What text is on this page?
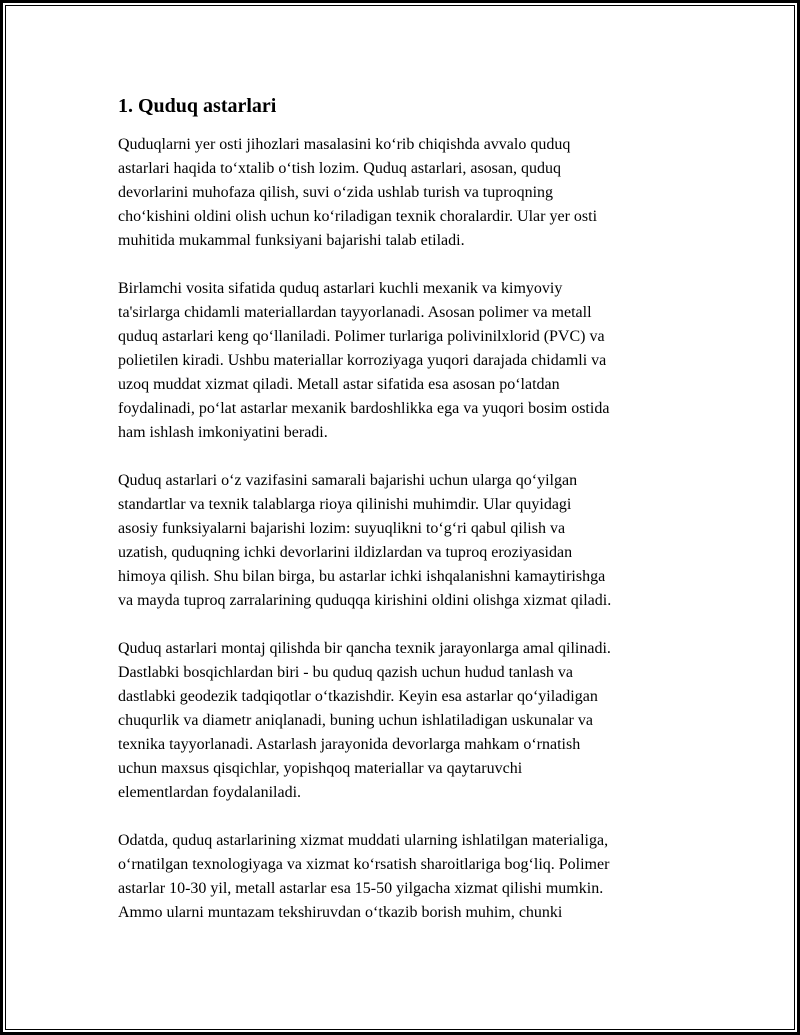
1. Quduq astarlari

Quduqlarni yer osti jihozlari masalasini ko‘rib chiqishda avvalo quduq
astarlari haqida to‘xtalib o‘tish lozim. Quduq astarlari, asosan, quduq
devorlarini muhofaza qilish, suvi o‘zida ushlab turish va tuproqning
cho‘kishini oldini olish uchun ko‘riladigan texnik choralardir. Ular yer osti
muhitida mukammal funksiyani bajarishi talab etiladi.

Birlamchi vosita sifatida quduq astarlari kuchli mexanik va kimyoviy
ta'sirlarga chidamli materiallardan tayyorlanadi. Asosan polimer va metall
quduq astarlari keng qo‘llaniladi. Polimer turlariga polivinilxlorid (PVC) va
polietilen kiradi. Ushbu materiallar korroziyaga yuqori darajada chidamli va
uzoq muddat xizmat qiladi. Metall astar sifatida esa asosan po‘latdan
foydalinadi, po‘lat astarlar mexanik bardoshlikka ega va yuqori bosim ostida
ham ishlash imkoniyatini beradi.

Quduq astarlari o‘z vazifasini samarali bajarishi uchun ularga qo‘yilgan
standartlar va texnik talablarga rioya qilinishi muhimdir. Ular quyidagi
asosiy funksiyalarni bajarishi lozim: suyuqlikni to‘g‘ri qabul qilish va
uzatish, quduqning ichki devorlarini ildizlardan va tuproq eroziyasidan
himoya qilish. Shu bilan birga, bu astarlar ichki ishqalanishni kamaytirishga
va mayda tuproq zarralarining quduqqa kirishini oldini olishga xizmat qiladi.

Quduq astarlari montaj qilishda bir qancha texnik jarayonlarga amal qilinadi.
Dastlabki bosqichlardan biri - bu quduq qazish uchun hudud tanlash va
dastlabki geodezik tadqiqotlar o‘tkazishdir. Keyin esa astarlar qo‘yiladigan
chuqurlik va diametr aniqlanadi, buning uchun ishlatiladigan uskunalar va
texnika tayyorlanadi. Astarlash jarayonida devorlarga mahkam o‘rnatish
uchun maxsus qisqichlar, yopishqoq materiallar va qaytaruvchi
elementlardan foydalaniladi.

Odatda, quduq astarlarining xizmat muddati ularning ishlatilgan materialiga,
o‘rnatilgan texnologiyaga va xizmat ko‘rsatish sharoitlariga bog‘liq. Polimer
astarlar 10-30 yil, metall astarlar esa 15-50 yilgacha xizmat qilishi mumkin.
Ammo ularni muntazam tekshiruvdan o‘tkazib borish muhim, chunki
